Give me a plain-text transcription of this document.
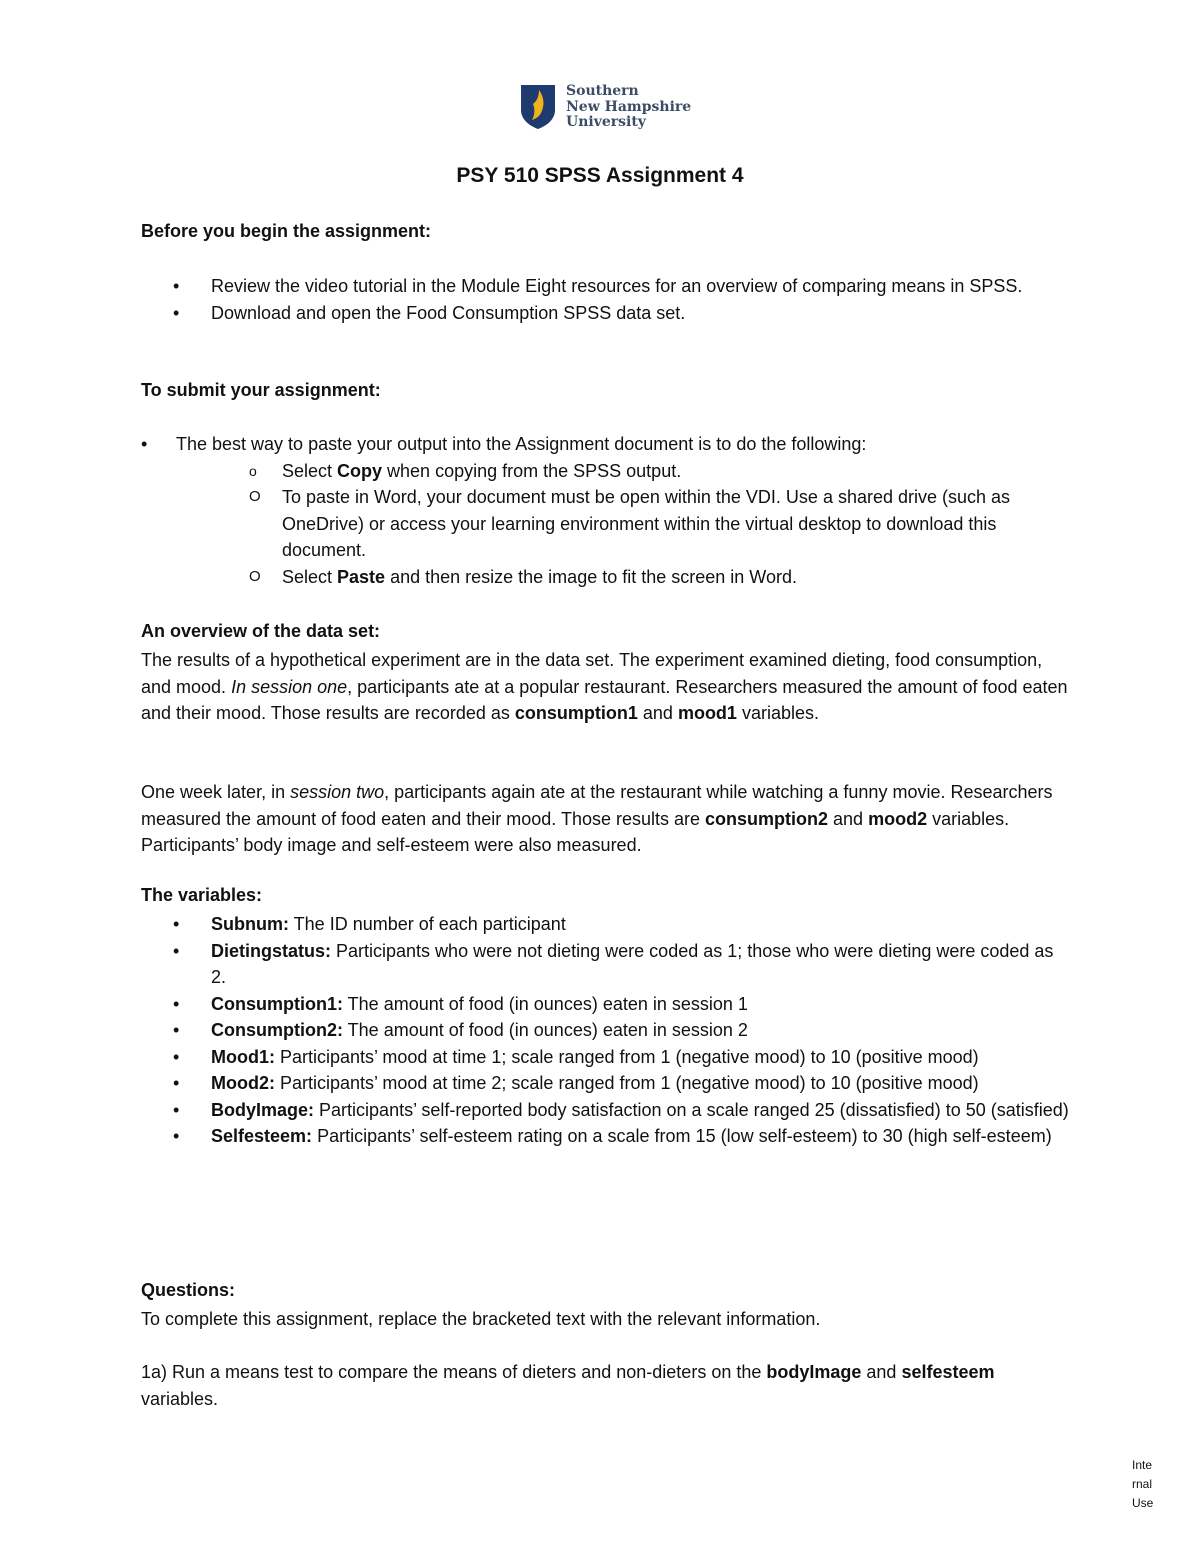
Southern
New Hampshire
University
PSY 510 SPSS Assignment 4
Before you begin the assignment:
• Review the video tutorial in the Module Eight resources for an overview of comparing means in SPSS.
• Download and open the Food Consumption SPSS data set.
To submit your assignment:
• The best way to paste your output into the Assignment document is to do the following:
o Select Copy when copying from the SPSS output.
O To paste in Word, your document must be open within the VDI. Use a shared drive (such as OneDrive) or access your learning environment within the virtual desktop to download this document.
O Select Paste and then resize the image to fit the screen in Word.
An overview of the data set:
The results of a hypothetical experiment are in the data set. The experiment examined dieting, food consumption, and mood. In session one, participants ate at a popular restaurant. Researchers measured the amount of food eaten and their mood. Those results are recorded as consumption1 and mood1 variables.
One week later, in session two, participants again ate at the restaurant while watching a funny movie. Researchers measured the amount of food eaten and their mood. Those results are consumption2 and mood2 variables. Participants’ body image and self-esteem were also measured.
The variables:
• Subnum: The ID number of each participant
• Dietingstatus: Participants who were not dieting were coded as 1; those who were dieting were coded as 2.
• Consumption1: The amount of food (in ounces) eaten in session 1
• Consumption2: The amount of food (in ounces) eaten in session 2
• Mood1: Participants’ mood at time 1; scale ranged from 1 (negative mood) to 10 (positive mood)
• Mood2: Participants’ mood at time 2; scale ranged from 1 (negative mood) to 10 (positive mood)
• BodyImage: Participants’ self-reported body satisfaction on a scale ranged 25 (dissatisfied) to 50 (satisfied)
• Selfesteem: Participants’ self-esteem rating on a scale from 15 (low self-esteem) to 30 (high self-esteem)
Questions:
To complete this assignment, replace the bracketed text with the relevant information.
1a) Run a means test to compare the means of dieters and non-dieters on the bodyImage and selfesteem variables.
Inte
rnal
Use
